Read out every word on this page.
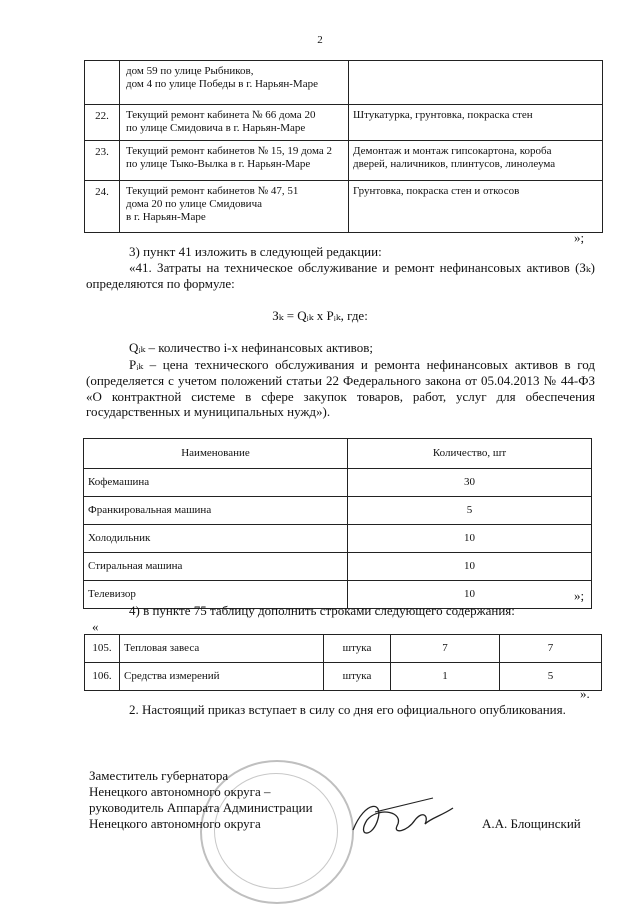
2
	дом 59 по улице Рыбников,
дом 4 по улице Победы в г. Нарьян-Маре	
22.	Текущий ремонт кабинета № 66 дома 20
по улице Смидовича в г. Нарьян-Маре	Штукатурка, грунтовка, покраска стен
23.	Текущий ремонт кабинетов № 15, 19 дома 2
по улице Тыко-Вылка в г. Нарьян-Маре	Демонтаж и монтаж гипсокартона, короба
дверей, наличников, плинтусов, линолеума
24.	Текущий ремонт кабинетов № 47, 51
дома 20 по улице Смидовича
в г. Нарьян-Маре	Грунтовка, покраска стен и откосов
»;
3) пункт 41 изложить в следующей редакции:
«41. Затраты на техническое обслуживание и ремонт нефинансовых активов (Зₖ) определяются по формуле:
Зₖ = Qᵢₖ x Pᵢₖ, где:
Qᵢₖ – количество i-х нефинансовых активов;
Pᵢₖ – цена технического обслуживания и ремонта нефинансовых активов в год (определяется с учетом положений статьи 22 Федерального закона от 05.04.2013 № 44-ФЗ «О контрактной системе в сфере закупок товаров, работ, услуг для обеспечения государственных и муниципальных нужд»).
Наименование	Количество, шт
Кофемашина	30
Франкировальная машина	5
Холодильник	10
Стиральная машина	10
Телевизор	10	»;
4) в пункте 75 таблицу дополнить строками следующего содержания:
«
105.	Тепловая завеса	штука	7	7
106.	Средства измерений	штука	1	5
».
2. Настоящий приказ вступает в силу со дня его официального опубликования.
Заместитель губернатора
Ненецкого автономного округа –
руководитель Аппарата Администрации
Ненецкого автономного округа	А.А. Блощинский
